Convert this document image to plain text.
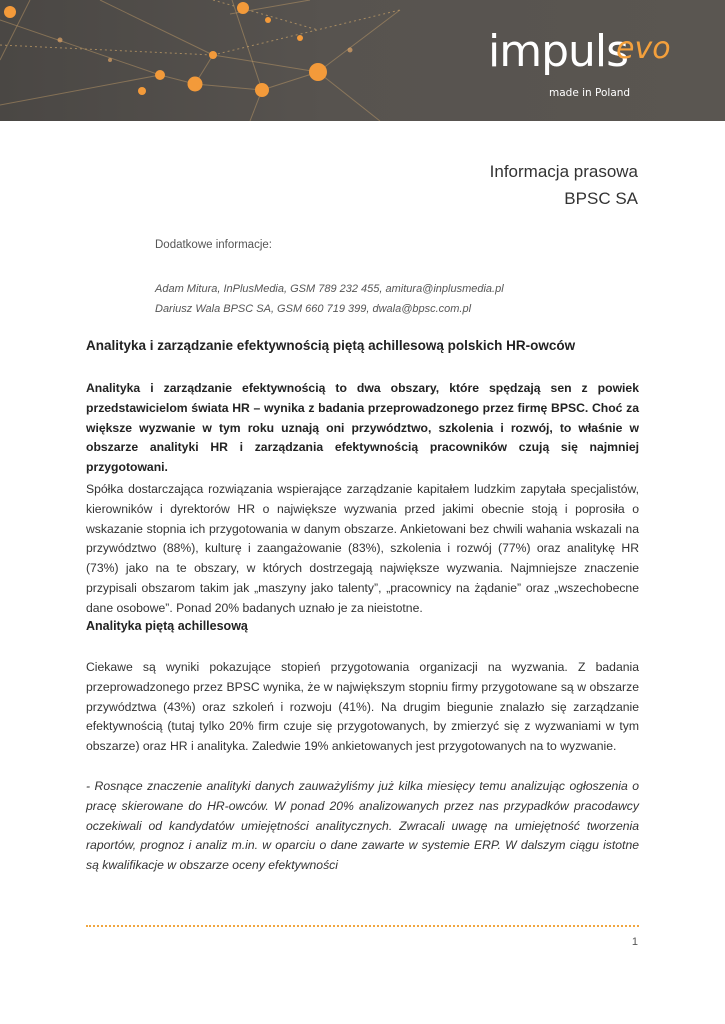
impuls
evo
made in Poland
Informacja prasowa
BPSC SA
Dodatkowe informacje:
Adam Mitura, InPlusMedia, GSM 789 232 455, amitura@inplusmedia.pl
Dariusz Wala BPSC SA, GSM 660 719 399, dwala@bpsc.com.pl
Analityka i zarządzanie efektywnością piętą achillesową polskich HR-owców

Analityka i zarządzanie efektywnością to dwa obszary, które spędzają sen z powiek przedstawicielom świata HR – wynika z badania przeprowadzonego przez firmę BPSC. Choć za większe wyzwanie w tym roku uznają oni przywództwo, szkolenia i rozwój, to właśnie w obszarze analityki HR i zarządzania efektywnością pracowników czują się najmniej przygotowani.

Spółka dostarczająca rozwiązania wspierające zarządzanie kapitałem ludzkim zapytała specjalistów, kierowników i dyrektorów HR o największe wyzwania przed jakimi obecnie stoją i poprosiła o wskazanie stopnia ich przygotowania w danym obszarze. Ankietowani bez chwili wahania wskazali na przywództwo (88%), kulturę i zaangażowanie (83%), szkolenia i rozwój (77%) oraz analitykę HR (73%) jako na te obszary, w których dostrzegają największe wyzwania. Najmniejsze znaczenie przypisali obszarom takim jak „maszyny jako talenty”, „pracownicy na żądanie” oraz „wszechobecne dane osobowe”. Ponad 20% badanych uznało je za nieistotne.

Analityka piętą achillesową

Ciekawe są wyniki pokazujące stopień przygotowania organizacji na wyzwania. Z badania przeprowadzonego przez BPSC wynika, że w największym stopniu firmy przygotowane są w obszarze przywództwa (43%) oraz szkoleń i rozwoju (41%). Na drugim biegunie znalazło się zarządzanie efektywnością (tutaj tylko 20% firm czuje się przygotowanych, by zmierzyć się z wyzwaniami w tym obszarze) oraz HR i analityka. Zaledwie 19% ankietowanych jest przygotowanych na to wyzwanie.

- Rosnące znaczenie analityki danych zauważyliśmy już kilka miesięcy temu analizując ogłoszenia o pracę skierowane do HR-owców. W ponad 20% analizowanych przez nas przypadków pracodawcy oczekiwali od kandydatów umiejętności analitycznych. Zwracali uwagę na umiejętność tworzenia raportów, prognoz i analiz m.in. w oparciu o dane zawarte w systemie ERP. W dalszym ciągu istotne są kwalifikacje w obszarze oceny efektywności

1
